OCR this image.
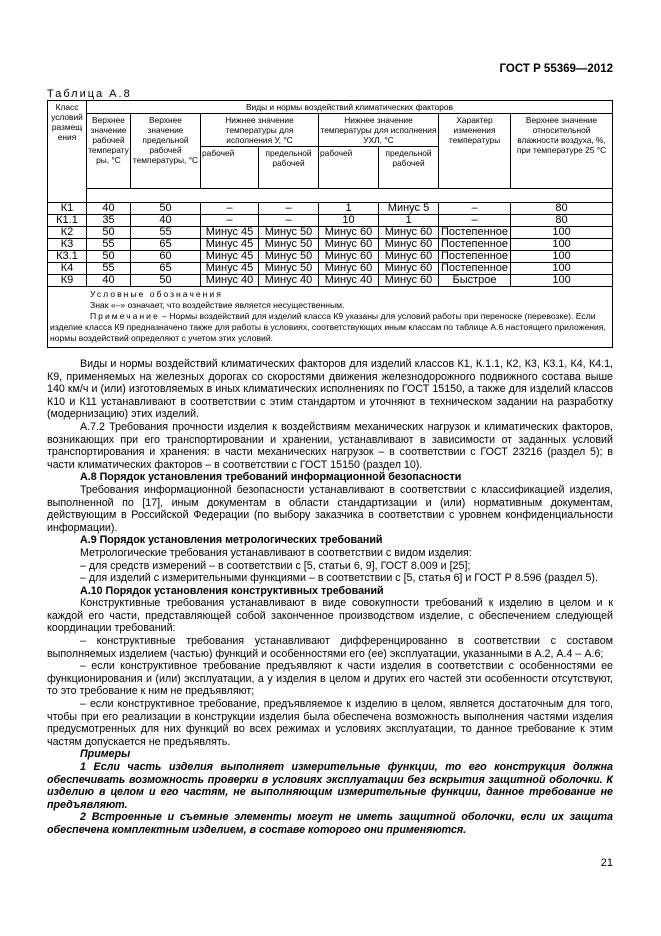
ГОСТ Р 55369—2012
Таблица А.8
Класс условий размещ ения	Виды и нормы воздействий климатических факторов							
	Верхнее значение рабочей температу ры, °С	Верхнее значение предельной рабочей температуры, °С	Нижнее значение температуры для исполнения У, °С		Нижнее значение температуры для исполнения УХЛ, °С		Характер изменения температуры	Верхнее значение относительной влажности воздуха, %, при температуре 25 °С
			рабочей	предельной рабочей	рабочей	предельной рабочей		

К1	40	50	–	–	1	Минус 5	–	80
К1.1	35	40	–	–	10	1	–	80
К2	50	55	Минус 45	Минус 50	Минус 60	Минус 60	Постепенное	100
К3	55	65	Минус 45	Минус 50	Минус 60	Минус 60	Постепенное	100
К3.1	50	60	Минус 45	Минус 50	Минус 60	Минус 60	Постепенное	100
К4	55	65	Минус 45	Минус 50	Минус 60	Минус 60	Постепенное	100
К9	40	50	Минус 40	Минус 40	Минус 40	Минус 60	Быстрое	100

Условные обозначения
Знак «–» означает, что воздействие является несущественным.
Примечание – Нормы воздействий для изделий класса К9 указаны для условий работы при переноске (перевозке). Если изделие класса К9 предназначено также для работы в условиях, соответствующих иным классам по таблице А.6 настоящего приложения, нормы воздействий определяют с учетом этих условий.								

Виды и нормы воздействий климатических факторов для изделий классов К1, К.1.1, К2, К3, К3.1, К4, К4.1, К9, применяемых на железных дорогах со скоростями движения железнодорожного подвижного состава выше 140 км/ч и (или) изготовляемых в иных климатических исполнениях по ГОСТ 15150, а также для изделий классов К10 и К11 устанавливают в соответствии с этим стандартом и уточняют в техническом задании на разработку (модернизацию) этих изделий.

А.7.2 Требования прочности изделия к воздействиям механических нагрузок и климатических факторов, возникающих при его транспортировании и хранении, устанавливают в зависимости от заданных условий транспортирования и хранения: в части механических нагрузок – в соответствии с ГОСТ 23216 (раздел 5); в части климатических факторов – в соответствии с ГОСТ 15150 (раздел 10).

А.8 Порядок установления требований информационной безопасности

Требования информационной безопасности устанавливают в соответствии с классификацией изделия, выполненной по [17], иным документам в области стандартизации и (или) нормативным документам, действующим в Российской Федерации (по выбору заказчика в соответствии с уровнем конфиденциальности информации).

А.9 Порядок установления метрологических требований

Метрологические требования устанавливают в соответствии с видом изделия:

– для средств измерений – в соответствии с [5, статьи 6, 9], ГОСТ 8.009 и [25];

– для изделий с измерительными функциями – в соответствии с [5, статья 6] и ГОСТ Р 8.596 (раздел 5).

А.10 Порядок установления конструктивных требований

Конструктивные требования устанавливают в виде совокупности требований к изделию в целом и к каждой его части, представляющей собой законченное производством изделие, с обеспечением следующей координации требований:

– конструктивные требования устанавливают дифференцированно в соответствии с составом выполняемых изделием (частью) функций и особенностями его (ее) эксплуатации, указанными в А.2, А.4 – А.6;

– если конструктивное требование предъявляют к части изделия в соответствии с особенностями ее функционирования и (или) эксплуатации, а у изделия в целом и других его частей эти особенности отсутствуют, то это требование к ним не предъявляют;

– если конструктивное требование, предъявляемое к изделию в целом, является достаточным для того, чтобы при его реализации в конструкции изделия была обеспечена возможность выполнения частями изделия предусмотренных для них функций во всех режимах и условиях эксплуатации, то данное требование к этим частям допускается не предъявлять.

Примеры

1 Если часть изделия выполняет измерительные функции, то его конструкция должна обеспечивать возможность проверки в условиях эксплуатации без вскрытия защитной оболочки. К изделию в целом и его частям, не выполняющим измерительные функции, данное требование не предъявляют.

2 Встроенные и съемные элементы могут не иметь защитной оболочки, если их защита обеспечена комплектным изделием, в составе которого они применяются.

21
